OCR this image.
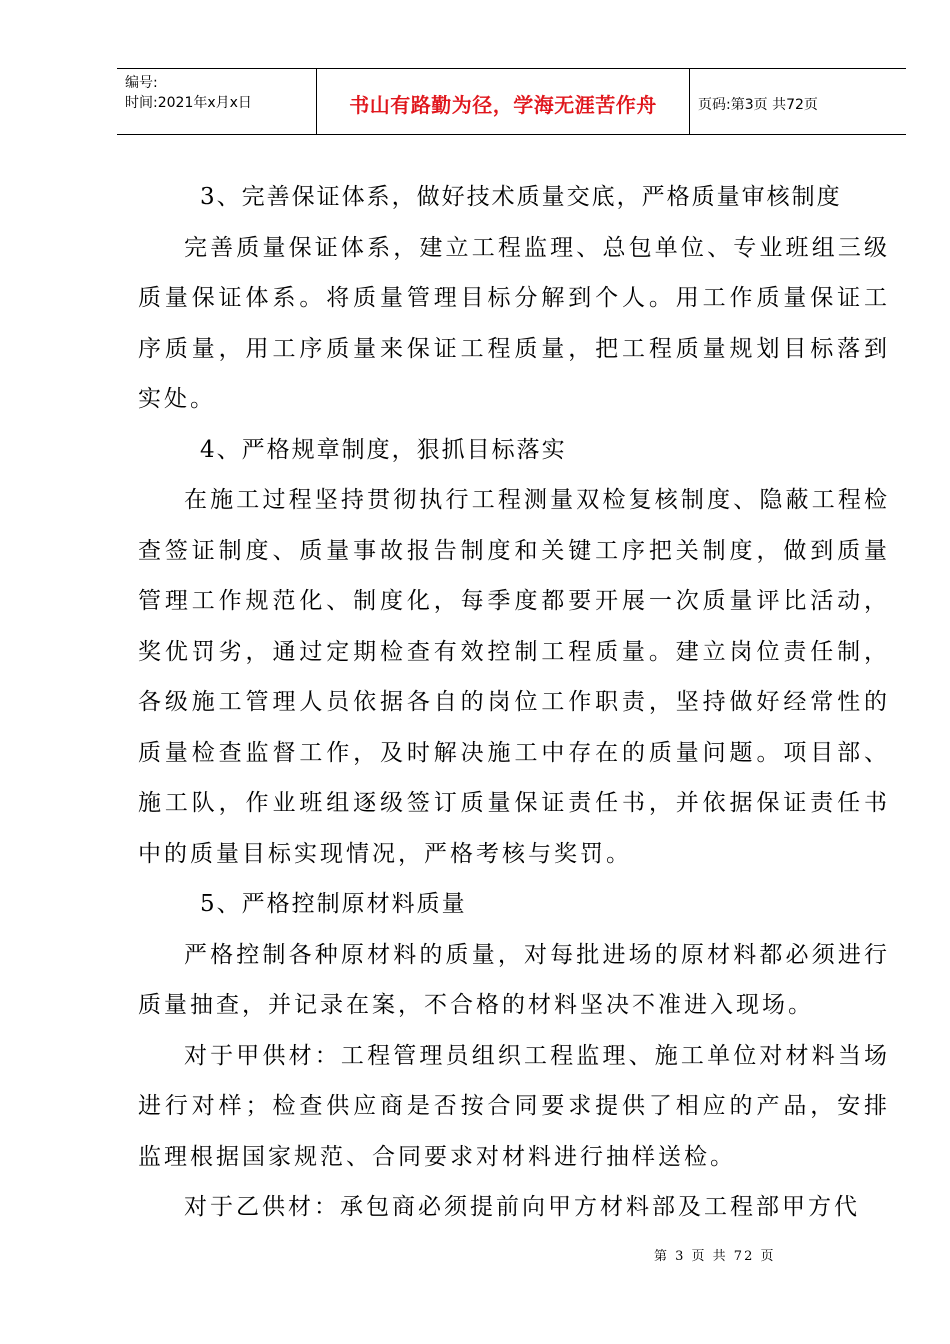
编号:
时间:2021年x月x日	书山有路勤为径，学海无涯苦作舟	页码:第3页 共72页

3、完善保证体系，做好技术质量交底，严格质量审核制度

完善质量保证体系，建立工程监理、总包单位、专业班组三级质量保证体系。将质量管理目标分解到个人。用工作质量保证工序质量，用工序质量来保证工程质量，把工程质量规划目标落到实处。

4、严格规章制度，狠抓目标落实

在施工过程坚持贯彻执行工程测量双检复核制度、隐蔽工程检查签证制度、质量事故报告制度和关键工序把关制度，做到质量管理工作规范化、制度化，每季度都要开展一次质量评比活动，奖优罚劣，通过定期检查有效控制工程质量。建立岗位责任制，各级施工管理人员依据各自的岗位工作职责，坚持做好经常性的质量检查监督工作，及时解决施工中存在的质量问题。项目部、施工队，作业班组逐级签订质量保证责任书，并依据保证责任书中的质量目标实现情况，严格考核与奖罚。

5、严格控制原材料质量

严格控制各种原材料的质量，对每批进场的原材料都必须进行质量抽查，并记录在案，不合格的材料坚决不准进入现场。

对于甲供材：工程管理员组织工程监理、施工单位对材料当场进行对样；检查供应商是否按合同要求提供了相应的产品，安排监理根据国家规范、合同要求对材料进行抽样送检。

对于乙供材：承包商必须提前向甲方材料部及工程部甲方代

第 3 页 共 72 页
